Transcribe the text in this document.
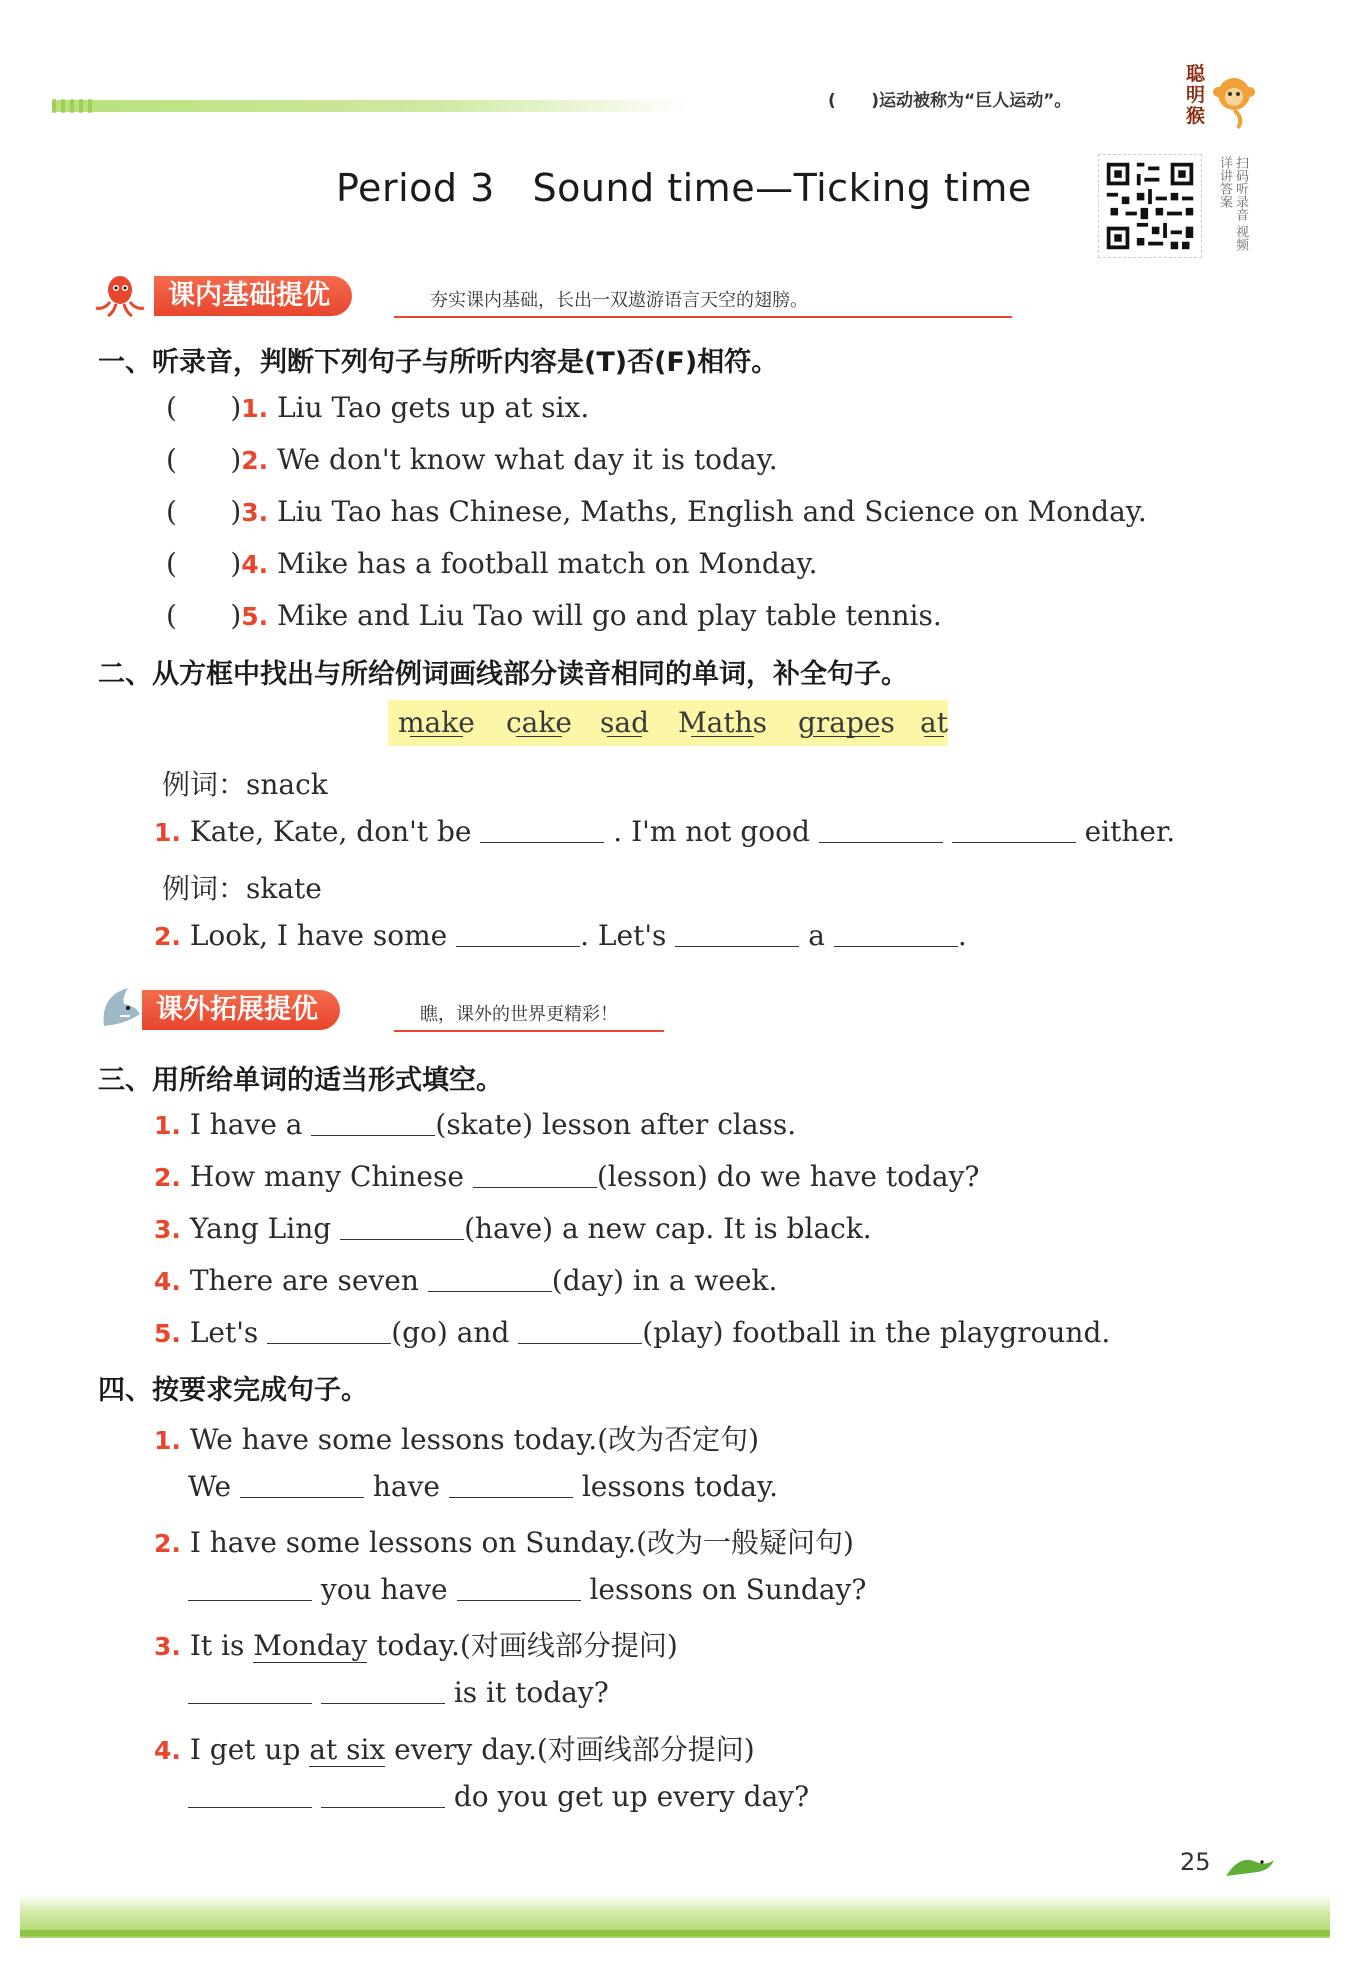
(      )运动被称为“巨人运动”。
聪明猴
Period 3   Sound time—Ticking time	扫码听录音 视频详讲答案
课内基础提优	夯实课内基础，长出一双遨游语言天空的翅膀。
一、听录音，判断下列句子与所听内容是(T)否(F)相符。
(      )1. Liu Tao gets up at six.
(      )2. We don't know what day it is today.
(      )3. Liu Tao has Chinese, Maths, English and Science on Monday.
(      )4. Mike has a football match on Monday.
(      )5. Mike and Liu Tao will go and play table tennis.
二、从方框中找出与所给例词画线部分读音相同的单词，补全句子。
make cake sad Maths grapes at
例词：snack
1. Kate, Kate, don't be	. I'm not good	either.
例词：skate
2. Look, I have some	. Let's	a	.
课外拓展提优	瞧，课外的世界更精彩！
三、用所给单词的适当形式填空。
1. I have a	(skate) lesson after class.
2. How many Chinese	(lesson) do we have today?
3. Yang Ling	(have) a new cap. It is black.
4. There are seven	(day) in a week.
5. Let's	(go) and	(play) football in the playground.
四、按要求完成句子。
1. We have some lessons today.(改为否定句)
We	have	lessons today.
2. I have some lessons on Sunday.(改为一般疑问句)
you have	lessons on Sunday?
3. It is Monday today.(对画线部分提问)
is it today?
4. I get up at six every day.(对画线部分提问)
do you get up every day?
25
